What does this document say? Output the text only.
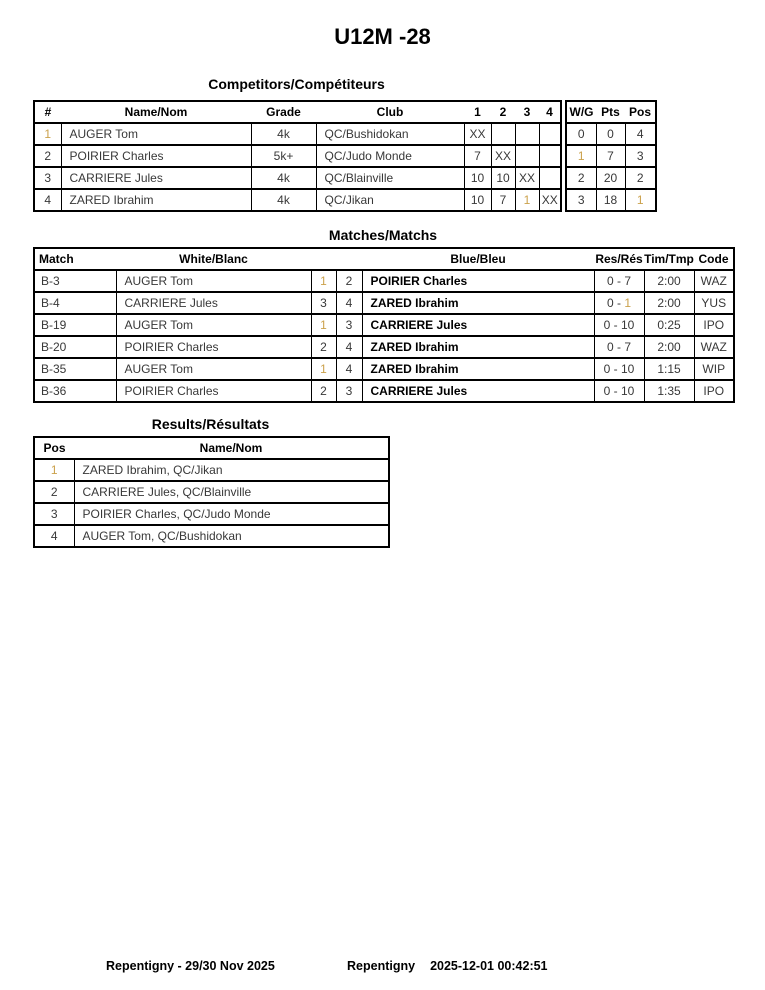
U12M -28
Competitors/Compétiteurs
#	Name/Nom	Grade	Club	1	2	3	4
1	AUGER Tom	4k	QC/Bushidokan	XX			
2	POIRIER Charles	5k+	QC/Judo Monde	7	XX		
3	CARRIERE Jules	4k	QC/Blainville	10	10	XX	
4	ZARED Ibrahim	4k	QC/Jikan	10	7	1	XX
W/G	Pts	Pos
0	0	4
1	7	3
2	20	2
3	18	1
Matches/Matchs
Match	White/Blanc			Blue/Bleu	Res/Rés	Tim/Tmp	Code
B-3	AUGER Tom	1	2	POIRIER Charles	0 - 7	2:00	WAZ
B-4	CARRIERE Jules	3	4	ZARED Ibrahim	0 - 1	2:00	YUS
B-19	AUGER Tom	1	3	CARRIERE Jules	0 - 10	0:25	IPO
B-20	POIRIER Charles	2	4	ZARED Ibrahim	0 - 7	2:00	WAZ
B-35	AUGER Tom	1	4	ZARED Ibrahim	0 - 10	1:15	WIP
B-36	POIRIER Charles	2	3	CARRIERE Jules	0 - 10	1:35	IPO
Results/Résultats
Pos	Name/Nom
1	ZARED Ibrahim, QC/Jikan
2	CARRIERE Jules, QC/Blainville
3	POIRIER Charles, QC/Judo Monde
4	AUGER Tom, QC/Bushidokan
Repentigny - 29/30 Nov 2025	Repentigny 2025-12-01 00:42:51
